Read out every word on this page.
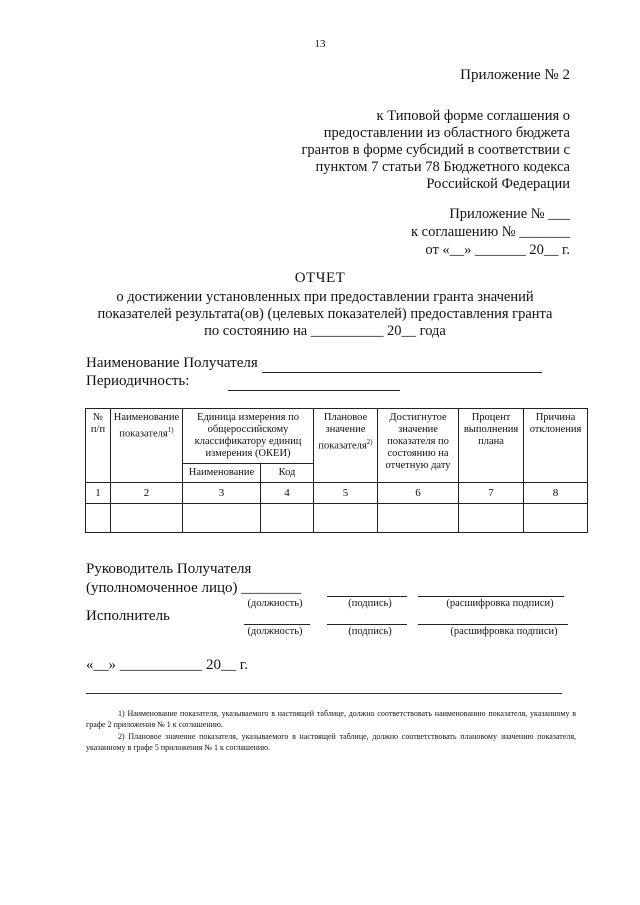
13
Приложение № 2
к Типовой форме соглашения о
предоставлении из областного бюджета
грантов в форме субсидий в соответствии с
пунктом 7 статьи 78 Бюджетного кодекса
Российской Федерации
Приложение № ___
к соглашению № _______
от «__» _______ 20__ г.
ОТЧЕТ
о достижении установленных при предоставлении гранта значений
показателей результата(ов) (целевых показателей) предоставления гранта
по состоянию на __________ 20__ года
Наименование Получателя
Периодичность:
№ п/п	Наименование показателя$^{1)}$	Единица измерения по общероссийскому классификатору единиц измерения (ОКЕИ)		Плановое значение показателя$^{2)}$	Достигнутое значение показателя по состоянию на отчетную дату	Процент выполнения плана	Причина отклонения
		Наименование	Код				
1	2	3	4	5	6	7	8

Руководитель Получателя
(уполномоченное лицо) ________
(должность)	(подпись)	(расшифровка подписи)
Исполнитель
(должность)	(подпись)	(расшифровка подписи)
«__» ___________ 20__ г.

1) Наименование показателя, указываемого в настоящей таблице, должно соответствовать наименованию показателя, указанному в графе 2 приложения № 1 к соглашению.

2) Плановое значение показателя, указываемого в настоящей таблице, должно соответствовать плановому значению показателя, указанному в графе 5 приложения № 1 к соглашению.
